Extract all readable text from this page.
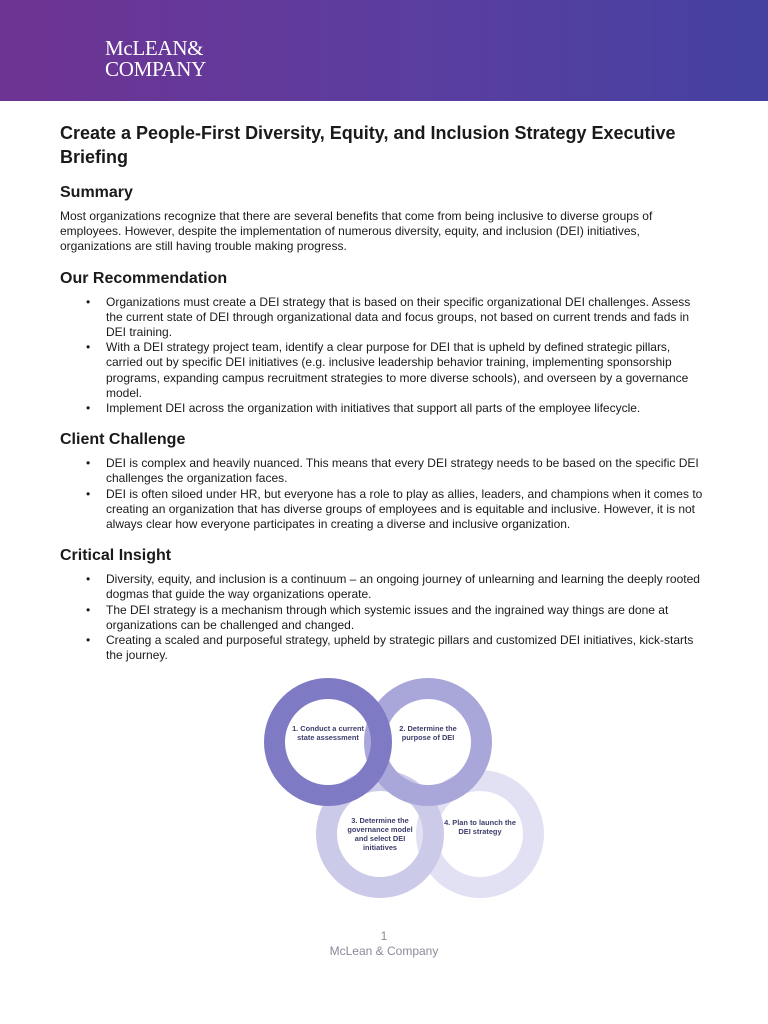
McLEAN&
COMPANY
Create a People-First Diversity, Equity, and Inclusion Strategy Executive Briefing
Summary

Most organizations recognize that there are several benefits that come from being inclusive to diverse groups of employees. However, despite the implementation of numerous diversity, equity, and inclusion (DEI) initiatives, organizations are still having trouble making progress.

Our Recommendation
• Organizations must create a DEI strategy that is based on their specific organizational DEI challenges. Assess the current state of DEI through organizational data and focus groups, not based on current trends and fads in DEI training.
• With a DEI strategy project team, identify a clear purpose for DEI that is upheld by defined strategic pillars, carried out by specific DEI initiatives (e.g. inclusive leadership behavior training, implementing sponsorship programs, expanding campus recruitment strategies to more diverse schools), and overseen by a governance model.
• Implement DEI across the organization with initiatives that support all parts of the employee lifecycle.
Client Challenge
• DEI is complex and heavily nuanced. This means that every DEI strategy needs to be based on the specific DEI challenges the organization faces.
• DEI is often siloed under HR, but everyone has a role to play as allies, leaders, and champions when it comes to creating an organization that has diverse groups of employees and is equitable and inclusive. However, it is not always clear how everyone participates in creating a diverse and inclusive organization.
Critical Insight
• Diversity, equity, and inclusion is a continuum – an ongoing journey of unlearning and learning the deeply rooted dogmas that guide the way organizations operate.
• The DEI strategy is a mechanism through which systemic issues and the ingrained way things are done at organizations can be challenged and changed.
• Creating a scaled and purposeful strategy, upheld by strategic pillars and customized DEI initiatives, kick-starts the journey.
1. Conduct a current state assessment
2. Determine the purpose of DEI
3. Determine the governance model and select DEI initiatives
4. Plan to launch the DEI strategy
1
McLean & Company
